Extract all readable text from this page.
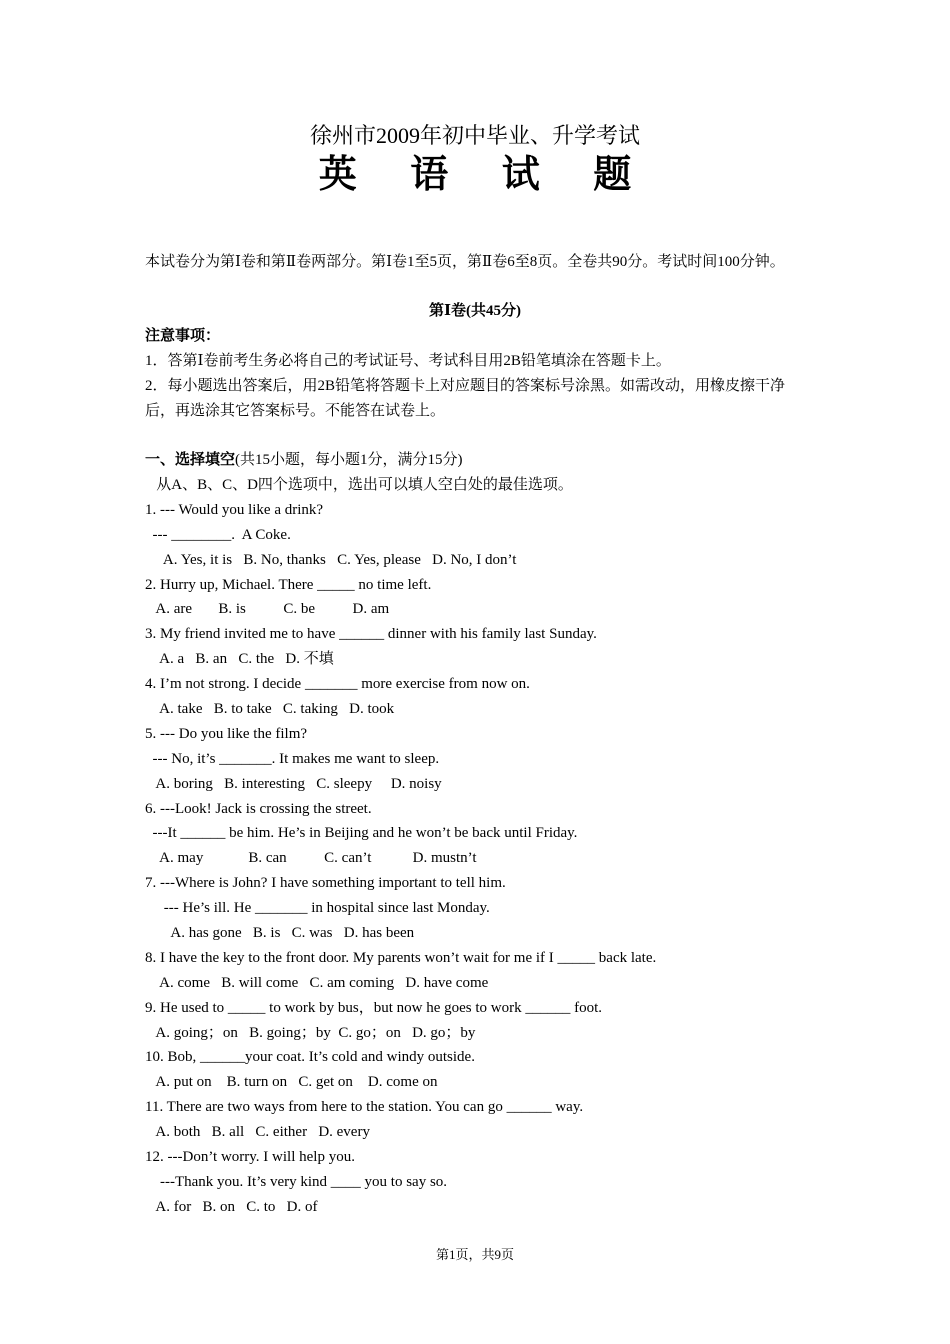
徐州市2009年初中毕业、升学考试
英 语 试 题
本试卷分为第Ⅰ卷和第Ⅱ卷两部分。第Ⅰ卷1至5页，第Ⅱ卷6至8页。全卷共90分。考试时间100分钟。
第Ⅰ卷(共45分)
注意事项：
1．答第Ⅰ卷前考生务必将自己的考试证号、考试科目用2B铅笔填涂在答题卡上。
2．每小题选出答案后，用2B铅笔将答题卡上对应题目的答案标号涂黑。如需改动，用橡皮擦干净后，再选涂其它答案标号。不能答在试卷上。
一、选择填空(共15小题，每小题1分，满分15分)
从A、B、C、D四个选项中，选出可以填人空白处的最佳选项。
1. --- Would you like a drink?
--- ________.  A Coke.
A. Yes, it is   B. No, thanks   C. Yes, please   D. No, I don’t
2. Hurry up, Michael. There _____ no time left.
A. are       B. is          C. be          D. am
3. My friend invited me to have ______ dinner with his family last Sunday.
A. a   B. an   C. the   D. 不填
4. I’m not strong. I decide _______ more exercise from now on.
A. take   B. to take   C. taking   D. took
5. --- Do you like the film?
--- No, it’s _______. It makes me want to sleep.
A. boring   B. interesting   C. sleepy     D. noisy
6. ---Look! Jack is crossing the street.
---It ______ be him. He’s in Beijing and he won’t be back until Friday.
A. may            B. can          C. can’t           D. mustn’t
7. ---Where is John? I have something important to tell him.
--- He’s ill. He _______ in hospital since last Monday.
A. has gone   B. is   C. was   D. has been
8. I have the key to the front door. My parents won’t wait for me if I _____ back late.
A. come   B. will come   C. am coming   D. have come
9. He used to _____ to work by bus，but now he goes to work ______ foot.
A. going；on   B. going；by  C. go；on   D. go；by
10. Bob, ______your coat. It’s cold and windy outside.
A. put on    B. turn on   C. get on    D. come on
11. There are two ways from here to the station. You can go ______ way.
A. both   B. all   C. either   D. every
12. ---Don’t worry. I will help you.
---Thank you. It’s very kind ____ you to say so.
A. for   B. on   C. to   D. of
第1页，共9页
